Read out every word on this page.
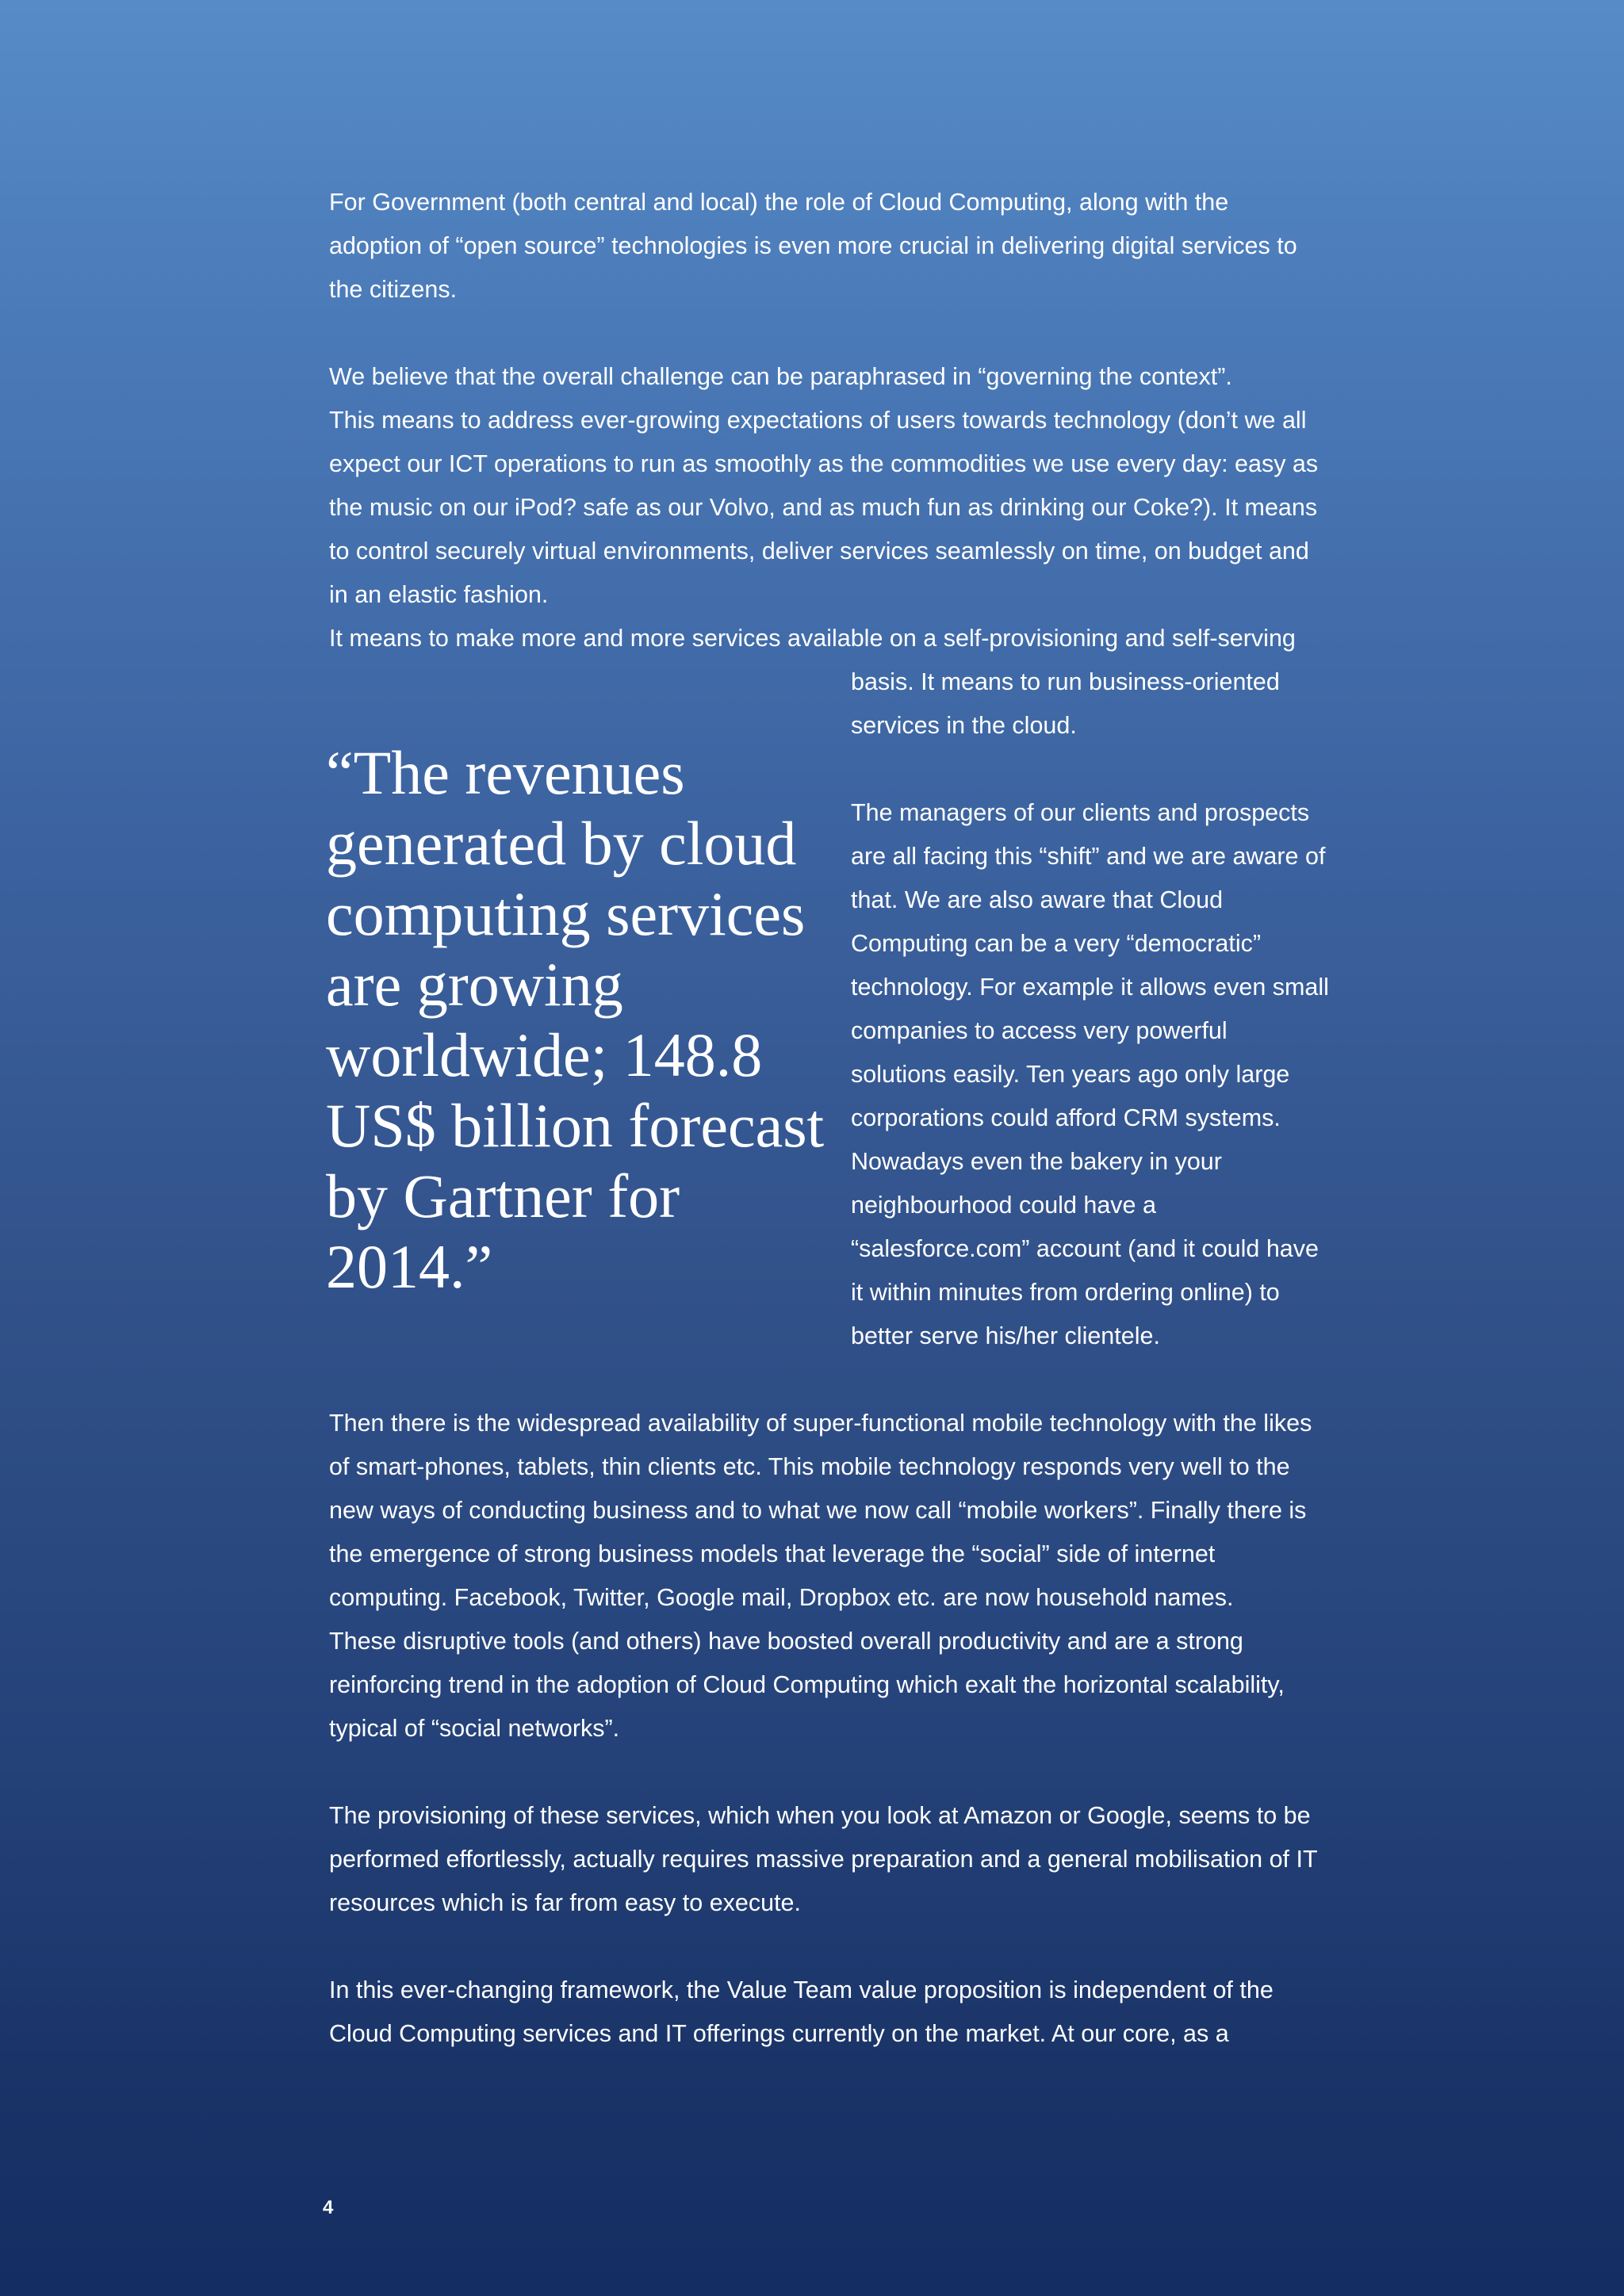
For Government (both central and local) the role of Cloud Computing, along with the
adoption of “open source” technologies is even more crucial in delivering digital services to
the citizens.
We believe that the overall challenge can be paraphrased in “governing the context”.
This means to address ever-growing expectations of users towards technology (don’t we all
expect our ICT operations to run as smoothly as the commodities we use every day: easy as
the music on our iPod? safe as our Volvo, and as much fun as drinking our Coke?). It means
to control securely virtual environments, deliver services seamlessly on time, on budget and
in an elastic fashion.
It means to make more and more services available on a self-provisioning and self-serving
basis. It means to run business-oriented
services in the cloud.
“The revenues
generated by cloud
computing services
are growing
worldwide; 148.8
US$ billion forecast
by Gartner for
2014.”
The managers of our clients and prospects
are all facing this “shift” and we are aware of
that. We are also aware that Cloud
Computing can be a very “democratic”
technology. For example it allows even small
companies to access very powerful
solutions easily. Ten years ago only large
corporations could afford CRM systems.
Nowadays even the bakery in your
neighbourhood could have a
“salesforce.com” account (and it could have
it within minutes from ordering online) to
better serve his/her clientele.
Then there is the widespread availability of super-functional mobile technology with the likes
of smart-phones, tablets, thin clients etc. This mobile technology responds very well to the
new ways of conducting business and to what we now call “mobile workers”. Finally there is
the emergence of strong business models that leverage the “social” side of internet
computing. Facebook, Twitter, Google mail, Dropbox etc. are now household names.
These disruptive tools (and others) have boosted overall productivity and are a strong
reinforcing trend in the adoption of Cloud Computing which exalt the horizontal scalability,
typical of “social networks”.
The provisioning of these services, which when you look at Amazon or Google, seems to be
performed effortlessly, actually requires massive preparation and a general mobilisation of IT
resources which is far from easy to execute.
In this ever-changing framework, the Value Team value proposition is independent of the
Cloud Computing services and IT offerings currently on the market. At our core, as a
4
